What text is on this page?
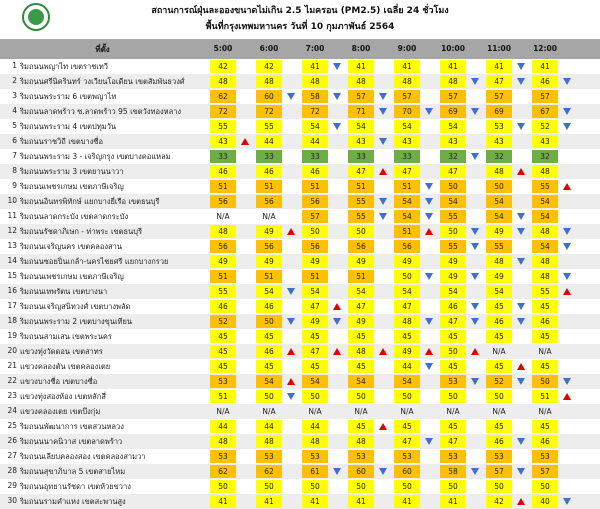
สถานการณ์ฝุ่นละอองขนาดไม่เกิน 2.5 ไมครอน (PM2.5) เฉลี่ย 24 ชั่วโมง
พื้นที่กรุงเทพมหานคร วันที่ 10 กุมภาพันธ์ 2564
ที่ตั้ง	5:00	6:00	7:00	8:00	9:00	10:00	11:00	12:00
1 ริมถนนพญาไท เขตราชเทวี	42	42	41	41	41	41	41	41
2 ริมถนนศรีนิครินทร์ วงเวียนโอเดียน เขตสัมพันธวงศ์	48	48	48	48	48	48	47	46
3 ริมถนนพระราม 6 เขตพญาไท	62	60	58	57	57	57	57	57
4 ริมถนนลาดพร้าว ซ.ลาดพร้าว 95 เขตวังทองหลาง	72	72	72	71	70	69	69	67
5 ริมถนนพระราม 4 เขตปทุมวัน	55	55	54	54	54	54	53	52
6 ริมถนนราชวิถี เขตบางซื่อ	43	44	44	43	43	43	43	43
7 ริมถนนพระราม 3 - เจริญกรุง เขตบางคอแหลม	33	33	33	33	33	32	32	32
8 ริมถนนพระราม 3 เขตยานนาวา	46	46	46	47	47	47	48	48
9 ริมถนนเพชรเกษม เขตภาษีเจริญ	51	51	51	51	51	50	50	55
10 ริมถนนอินทรพิทักษ์ แยกบางยี่เรือ เขตธนบุรี	56	56	56	55	54	54	54	54
11 ริมถนนลาดกระบัง เขตลาดกระบัง	N/A	N/A	57	55	54	55	54	54
12 ริมถนนรัชดาภิเษก - ท่าพระ เขตธนบุรี	48	49	50	50	51	50	49	48
13 ริมถนนเจริญนคร เขตคลองสาน	56	56	56	56	56	55	55	54
14 ริมถนนซอยปิ่นเกล้า-นครไชยศรี แยกบางกรวย	49	49	49	49	49	49	48	48
15 ริมถนนเพชรเกษม เขตภาษีเจริญ	51	51	51	51	50	49	49	48
16 ริมถนนเทพรัตน เขตบางนา	55	54	54	54	54	54	54	55
17 ริมถนนเจริญสนิทวงศ์ เขตบางพลัด	46	46	47	47	47	46	45	45
18 ริมถนนพระราม 2 เขตบางขุนเทียน	52	50	49	49	48	47	46	46
19 ริมถนนสามเสน เขตพระนคร	45	45	45	45	45	45	45	45
20 แขวงทุ่งวัดดอน เขตสาทร	45	46	47	48	49	50	N/A	N/A
21 แขวงคลองตัน เขตคลองเตย	45	45	45	45	44	45	45	45
22 แขวงบางซื่อ เขตบางซื่อ	53	54	54	54	54	53	52	50
23 แขวงทุ่งสองห้อง เขตหลักสี่	51	50	50	50	50	50	50	51
24 แขวงคลองเตย เขตบึงกุ่ม	N/A	N/A	N/A	N/A	N/A	N/A	N/A	N/A
25 ริมถนนพัฒนาการ เขตสวนหลวง	44	44	44	45	45	45	45	45
26 ริมถนนนาคนิวาส เขตลาดพร้าว	48	48	48	48	47	47	46	46
27 ริมถนนเลียบคลองสอง เขตคลองสามวา	53	53	53	53	53	53	53	53
28 ริมถนนสุขาภิบาล 5 เขตสายไหม	62	62	61	60	60	58	57	57
29 ริมถนนอุทยานรัชดา เขตห้วยขวาง	50	50	50	50	50	50	50	50
30 ริมถนนรามคำแหง เขตสะพานสูง	41	41	41	41	41	41	42	40
